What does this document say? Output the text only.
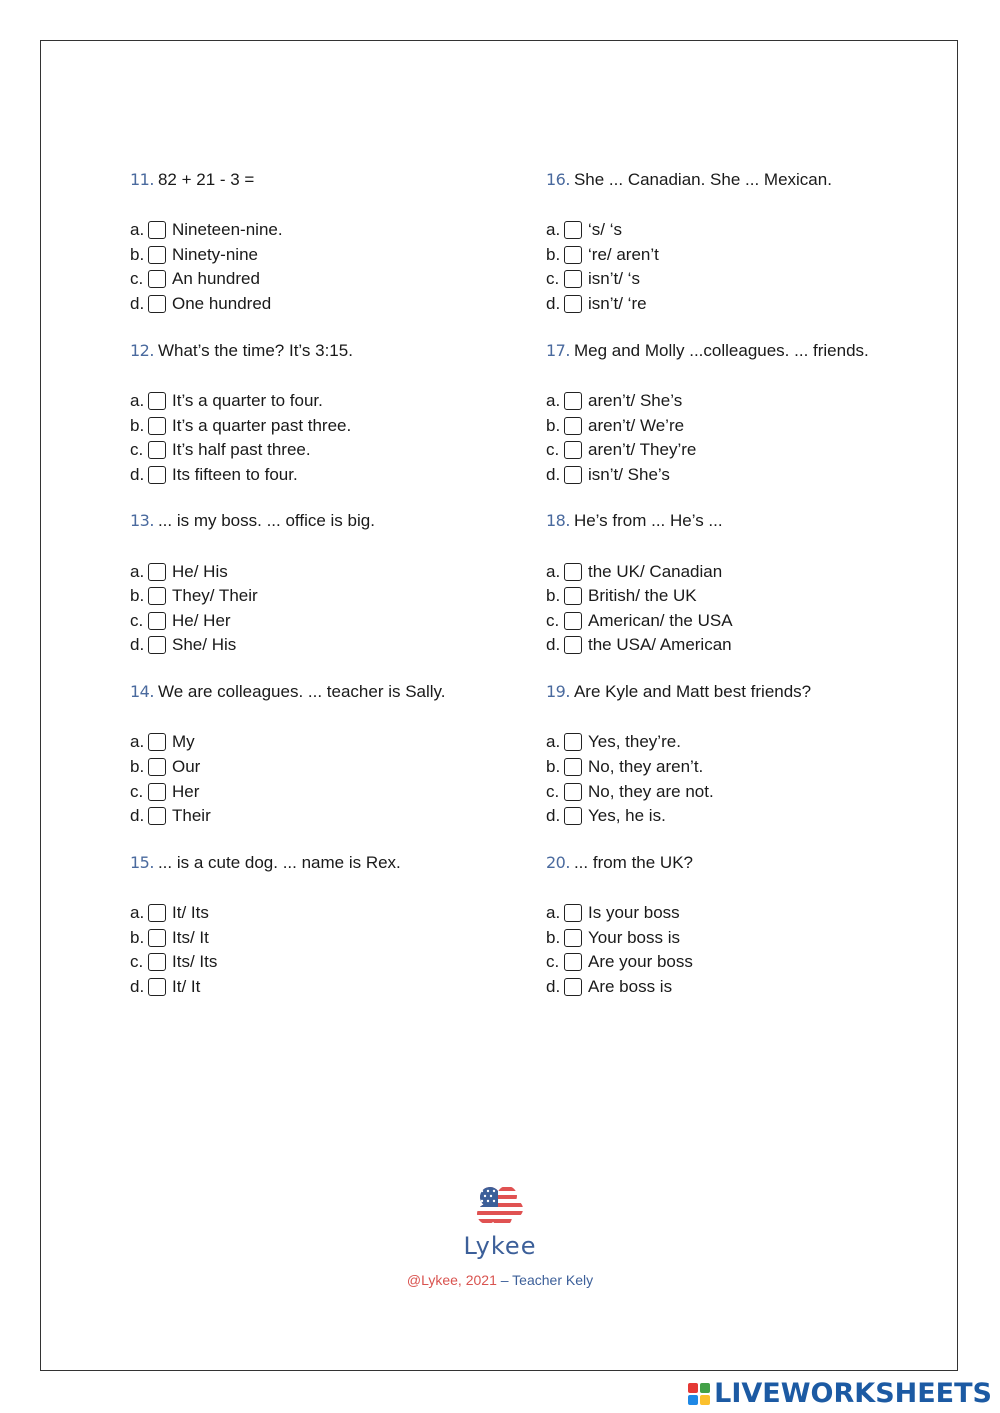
11. 82 + 21 - 3 =
a. Nineteen-nine.
b. Ninety-nine
c. An hundred
d. One hundred
12. What’s the time? It’s 3:15.
a. It’s a quarter to four.
b. It’s a quarter past three.
c. It’s half past three.
d. Its fifteen to four.
13. ... is my boss. ... office is big.
a. He/ His
b. They/ Their
c. He/ Her
d. She/ His
14. We are colleagues. ... teacher is Sally.
a. My
b. Our
c. Her
d. Their
15. ... is a cute dog. ... name is Rex.
a. It/ Its
b. Its/ It
c. Its/ Its
d. It/ It
16. She ... Canadian. She ... Mexican.
a. ‘s/ ‘s
b. ‘re/ aren’t
c. isn’t/ ‘s
d. isn’t/ ‘re
17. Meg and Molly ...colleagues. ... friends.
a. aren’t/ She’s
b. aren’t/ We’re
c. aren’t/ They’re
d. isn’t/ She’s
18. He’s from ... He’s ...
a. the UK/ Canadian
b. British/ the UK
c. American/ the USA
d. the USA/ American
19. Are Kyle and Matt best friends?
a. Yes, they’re.
b. No, they aren’t.
c. No, they are not.
d. Yes, he is.
20. ... from the UK?
a. Is your boss
b. Your boss is
c. Are your boss
d. Are boss is
Lykee
@Lykee, 2021 – Teacher Kely
LIVEWORKSHEETS
